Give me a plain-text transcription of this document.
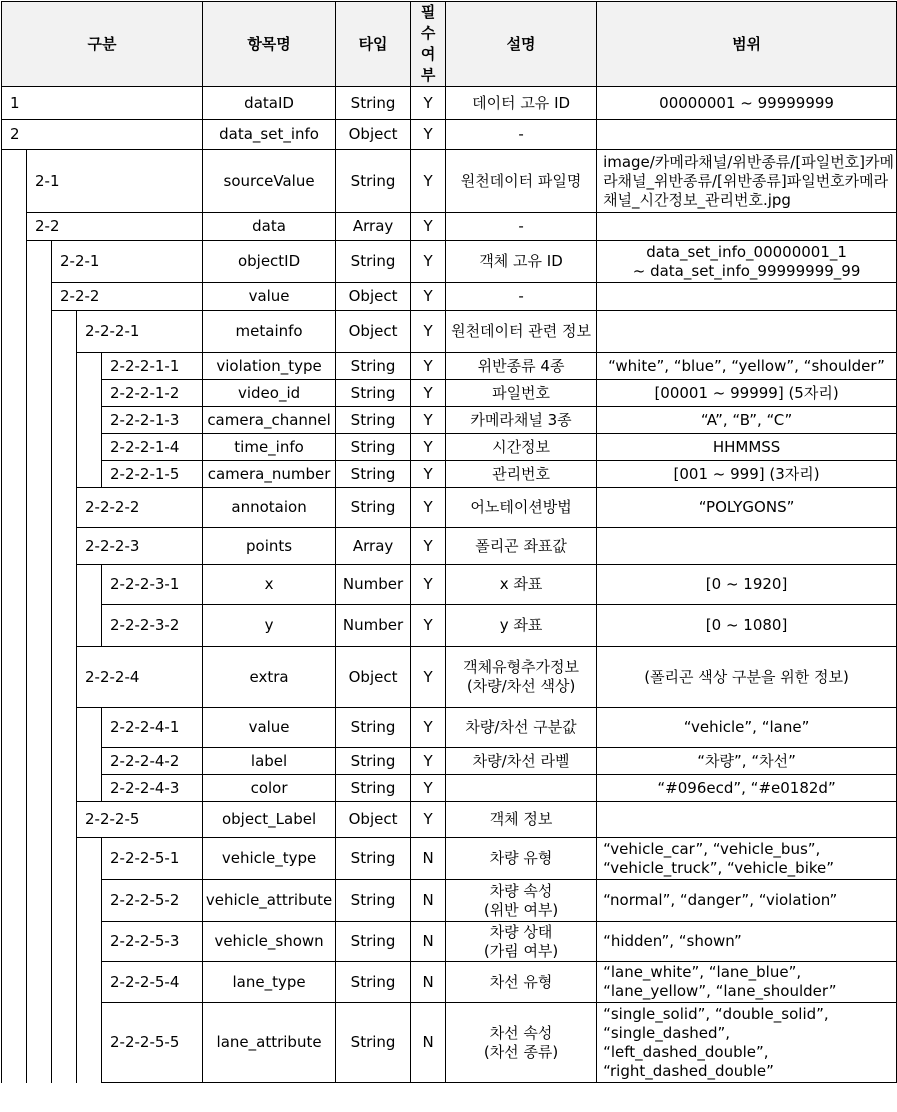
구분					항목명	타입	필
수
여
부	설명	범위
1					dataID	String	Y	데이터 고유 ID	00000001 ~ 99999999
2					data_set_info	Object	Y	-	
	2-1				sourceValue	String	Y	원천데이터 파일명	image/카메라채널/위반종류/[파일번호]카메라채널_위반종류/[위반종류]파일번호카메라채널_시간정보_관리번호.jpg
	2-2				data	Array	Y	-	
		2-2-1			objectID	String	Y	객체 고유 ID	data_set_info_00000001_1
~ data_set_info_99999999_99
		2-2-2			value	Object	Y	-	
			2-2-2-1		metainfo	Object	Y	원천데이터 관련 정보	
				2-2-2-1-1	violation_type	String	Y	위반종류 4종	“white”, “blue”, “yellow”, “shoulder”
				2-2-2-1-2	video_id	String	Y	파일번호	[00001 ~ 99999] (5자리)
				2-2-2-1-3	camera_channel	String	Y	카메라채널 3종	“A”, “B”, “C”
				2-2-2-1-4	time_info	String	Y	시간정보	HHMMSS
				2-2-2-1-5	camera_number	String	Y	관리번호	[001 ~ 999] (3자리)
			2-2-2-2		annotaion	String	Y	어노테이션방법	“POLYGONS”
			2-2-2-3		points	Array	Y	폴리곤 좌표값	
				2-2-2-3-1	x	Number	Y	x 좌표	[0 ~ 1920]
				2-2-2-3-2	y	Number	Y	y 좌표	[0 ~ 1080]
			2-2-2-4		extra	Object	Y	객체유형추가정보
(차량/차선 색상)	(폴리곤 색상 구분을 위한 정보)
				2-2-2-4-1	value	String	Y	차량/차선 구분값	“vehicle”, “lane”
				2-2-2-4-2	label	String	Y	차량/차선 라벨	“차량”, “차선”
				2-2-2-4-3	color	String	Y		“#096ecd”, “#e0182d”
			2-2-2-5		object_Label	Object	Y	객체 정보	
				2-2-2-5-1	vehicle_type	String	N	차량 유형	“vehicle_car”, “vehicle_bus”,
“vehicle_truck”, “vehicle_bike”
				2-2-2-5-2	vehicle_attribute	String	N	차량 속성
(위반 여부)	“normal”, “danger”, “violation”
				2-2-2-5-3	vehicle_shown	String	N	차량 상태
(가림 여부)	“hidden”, “shown”
				2-2-2-5-4	lane_type	String	N	차선 유형	“lane_white”, “lane_blue”,
“lane_yellow”, “lane_shoulder”
				2-2-2-5-5	lane_attribute	String	N	차선 속성
(차선 종류)	“single_solid”, “double_solid”,
“single_dashed”,
“left_dashed_double”,
“right_dashed_double”
